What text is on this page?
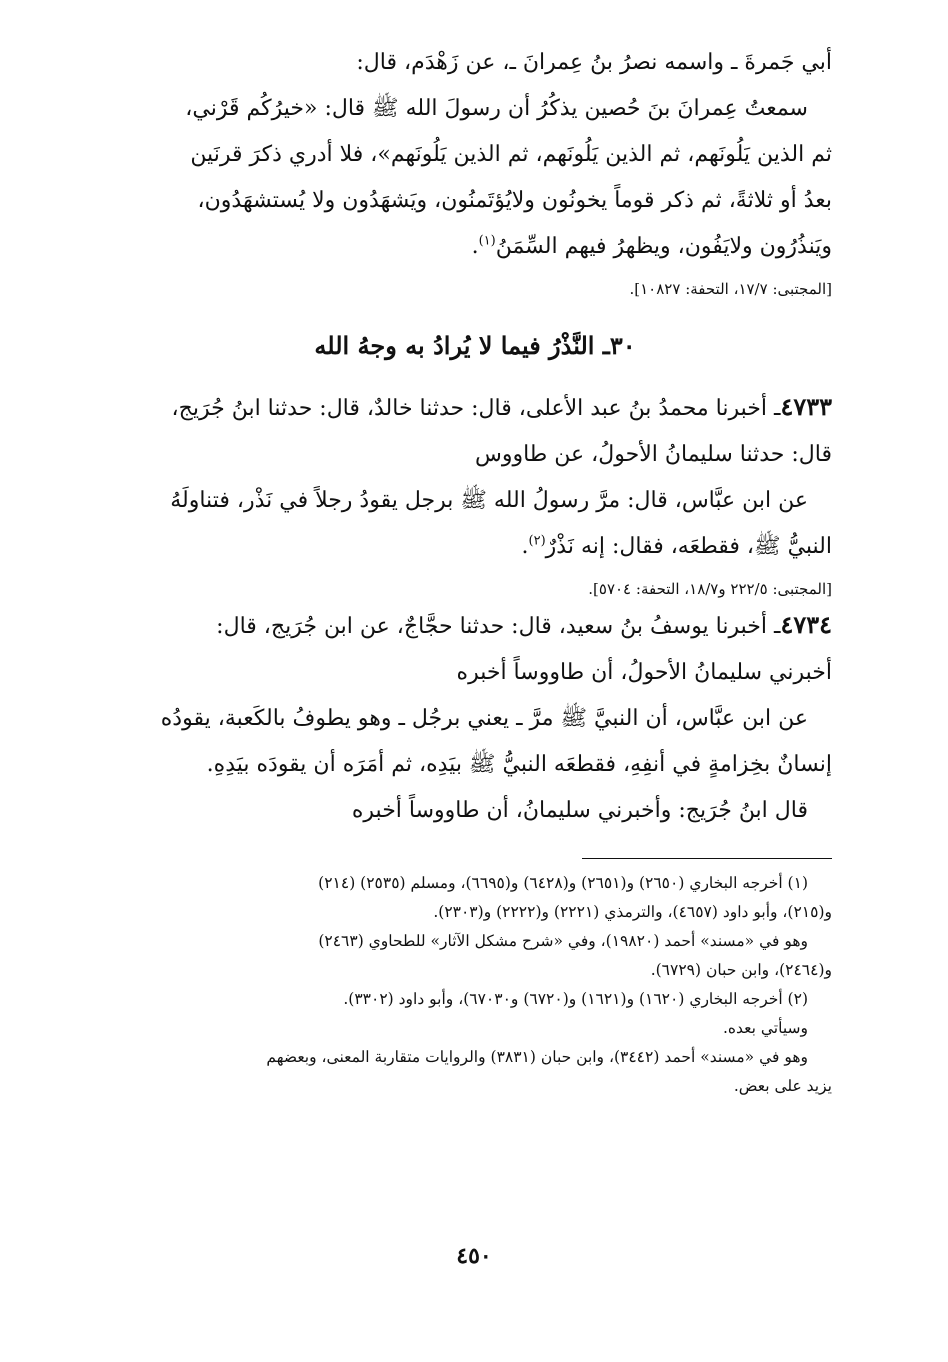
أبي جَمرةَ ـ واسمه نصرُ بنُ عِمرانَ ـ، عن زَهْدَم، قال:
سمعتُ عِمرانَ بنَ حُصين يذكُرُ أن رسولَ الله ﷺ قال: «خيرُكُم قَرْني،
ثم الذين يَلُونَهم، ثم الذين يَلُونَهم، ثم الذين يَلُونَهم»، فلا أدري ذكرَ قرنَين
بعدُ أو ثلاثةً، ثم ذكر قوماً يخونُون ولايُؤتَمنُون، ويَشهَدُون ولا يُستشهَدُون،
ويَنذُرُون ولايَفُون، ويظهرُ فيهم السِّمَنُ$^{(١)}$.

[المجتبى: ١٧/٧، التحفة: ١٠٨٢٧].

٣٠ـ النَّذْرُ فيما لا يُرادُ به وجهُ الله

٤٧٣٣ـ أخبرنا محمدُ بنُ عبد الأعلى، قال: حدثنا خالدٌ، قال: حدثنا ابنُ جُرَيج،
قال: حدثنا سليمانُ الأحولُ، عن طاووس

عن ابن عبَّاس، قال: مرَّ رسولُ الله ﷺ برجل يقودُ رجلاً في نَذْر، فتناولَهُ
النبيُّ ﷺ، فقطعَه، فقال: إنه نَذْرٌ$^{(٢)}$.

[المجتبى: ٢٢٢/٥ و١٨/٧، التحفة: ٥٧٠٤].

٤٧٣٤ـ أخبرنا يوسفُ بنُ سعيد، قال: حدثنا حجَّاجٌ، عن ابن جُرَيج، قال:
أخبرني سليمانُ الأحولُ، أن طاووساً أخبره

عن ابن عبَّاس، أن النبيَّ ﷺ مرَّ ـ يعني برجُل ـ وهو يطوفُ بالكَعبة، يقودُه
إنسانٌ بخِزامةٍ في أنفِهِ، فقطعَه النبيُّ ﷺ بيَدِه، ثم أمَرَه أن يقودَه بيَدِهِ.
قال ابنُ جُرَيج: وأخبرني سليمانُ، أن طاووساً أخبره

(١) أخرجه البخاري (٢٦٥٠) و(٢٦٥١) و(٦٤٢٨) و(٦٦٩٥)، ومسلم (٢٥٣٥) (٢١٤)
و(٢١٥)، وأبو داود (٤٦٥٧)، والترمذي (٢٢٢١) و(٢٢٢٢) و(٢٣٠٣).
وهو في «مسند» أحمد (١٩٨٢٠)، وفي «شرح مشكل الآثار» للطحاوي (٢٤٦٣)
و(٢٤٦٤)، وابن حبان (٦٧٢٩).

(٢) أخرجه البخاري (١٦٢٠) و(١٦٢١) و(٦٧٢٠) و٦٧٠٣٠)، وأبو داود (٣٣٠٢).
وسيأتي بعده.
وهو في «مسند» أحمد (٣٤٤٢)، وابن حبان (٣٨٣١) والروايات متقاربة المعنى، وبعضهم
يزيد على بعض.

٤٥٠
